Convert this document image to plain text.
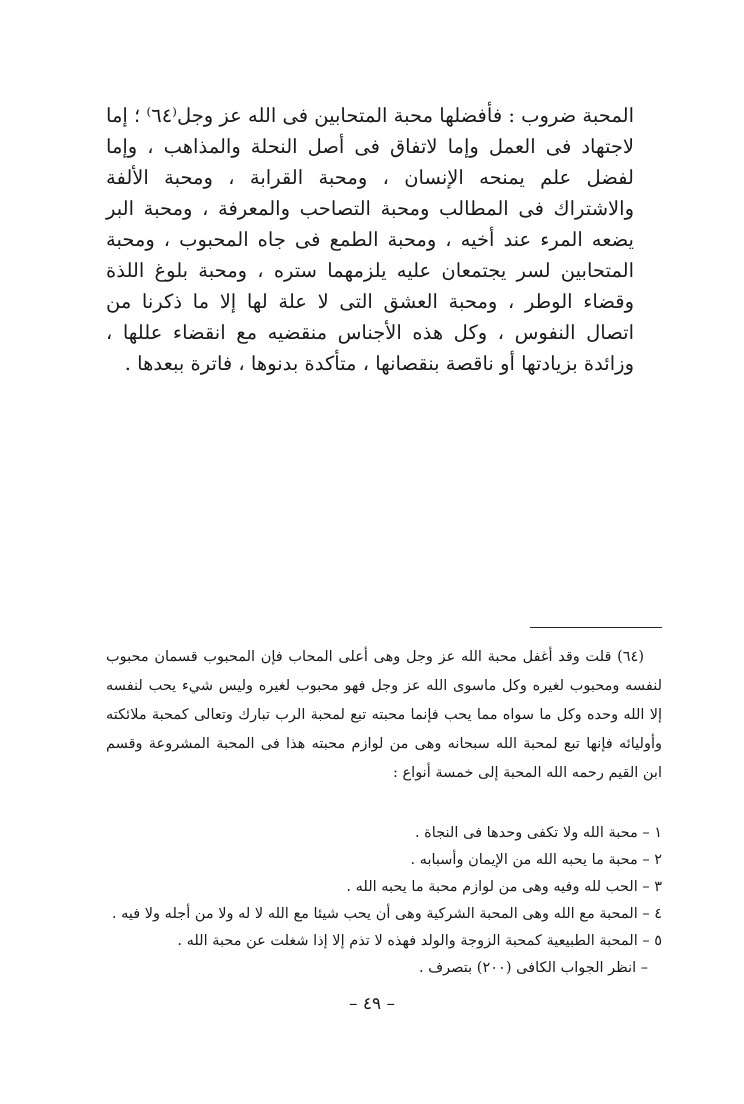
المحبة ضروب : فأفضلها محبة المتحابين فى الله عز وجل⁽٦٤⁾ ؛ إما لاجتهاد فى العمل وإما لاتفاق فى أصل النحلة والمذاهب ، وإما لفضل علم يمنحه الإنسان ، ومحبة القرابة ، ومحبة الألفة والاشتراك فى المطالب ومحبة التصاحب والمعرفة ، ومحبة البر يضعه المرء عند أخيه ، ومحبة الطمع فى جاه المحبوب ، ومحبة المتحابين لسر يجتمعان عليه يلزمهما ستره ، ومحبة بلوغ اللذة وقضاء الوطر ، ومحبة العشق التى لا علة لها إلا ما ذكرنا من اتصال النفوس ، وكل هذه الأجناس منقضيه مع انقضاء عللها ، وزائدة بزيادتها أو ناقصة بنقصانها ، متأكدة بدنوها ، فاترة ببعدها .

(٦٤) قلت وقد أغفل محبة الله عز وجل وهى أعلى المحاب فإن المحبوب قسمان محبوب لنفسه ومحبوب لغيره وكل ماسوى الله عز وجل فهو محبوب لغيره وليس شيء يحب لنفسه إلا الله وحده وكل ما سواه مما يحب فإنما محبته تبع لمحبة الرب تبارك وتعالى كمحبة ملائكته وأوليائه فإنها تبع لمحبة الله سبحانه وهى من لوازم محبته هذا فى المحبة المشروعة وقسم ابن القيم رحمه الله المحبة إلى خمسة أنواع :

١ – محبة الله ولا تكفى وحدها فى النجاة .

٢ – محبة ما يحبه الله من الإيمان وأسبابه .

٣ – الحب لله وفيه وهى من لوازم محبة ما يحبه الله .

٤ – المحبة مع الله وهى المحبة الشركية وهى أن يحب شيئا مع الله لا له ولا من أجله ولا فيه .

٥ – المحبة الطبيعية كمحبة الزوجة والولد فهذه لا تذم إلا إذا شغلت عن محبة الله .

– انظر الجواب الكافى (٢٠٠) بتصرف .

– ٤٩ –
